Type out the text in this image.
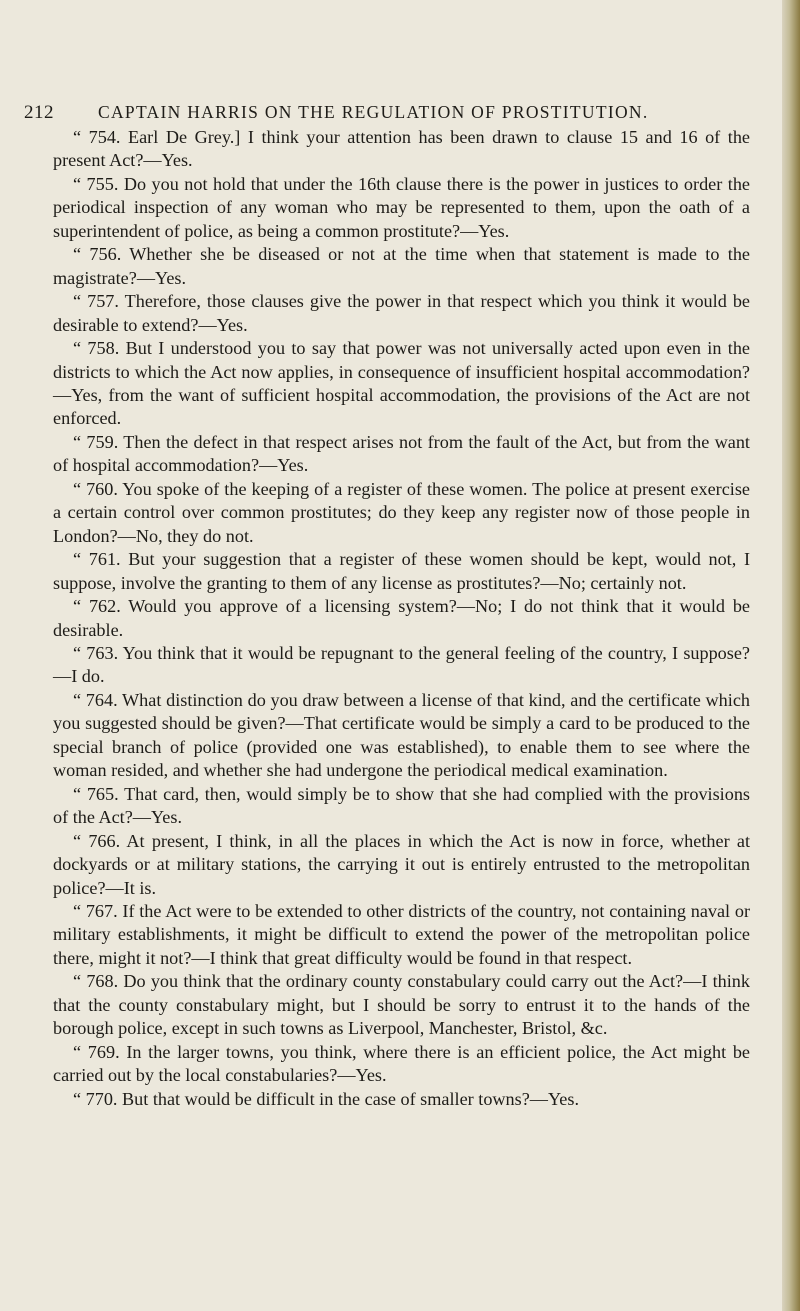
212	CAPTAIN HARRIS ON THE REGULATION OF PROSTITUTION.

“ 754. Earl De Grey.] I think your attention has been drawn to clause 15 and 16 of the present Act?—Yes.

“ 755. Do you not hold that under the 16th clause there is the power in justices to order the periodical inspection of any woman who may be represented to them, upon the oath of a superintendent of police, as being a common prostitute?—Yes.

“ 756. Whether she be diseased or not at the time when that statement is made to the magistrate?—Yes.

“ 757. Therefore, those clauses give the power in that respect which you think it would be desirable to extend?—Yes.

“ 758. But I understood you to say that power was not universally acted upon even in the districts to which the Act now applies, in consequence of insufficient hospital accommodation?—Yes, from the want of sufficient hospital accommodation, the provisions of the Act are not enforced.

“ 759. Then the defect in that respect arises not from the fault of the Act, but from the want of hospital accommodation?—Yes.

“ 760. You spoke of the keeping of a register of these women. The police at present exercise a certain control over common prostitutes; do they keep any register now of those people in London?—No, they do not.

“ 761. But your suggestion that a register of these women should be kept, would not, I suppose, involve the granting to them of any license as prostitutes?—No; certainly not.

“ 762. Would you approve of a licensing system?—No; I do not think that it would be desirable.

“ 763. You think that it would be repugnant to the general feeling of the country, I suppose?—I do.

“ 764. What distinction do you draw between a license of that kind, and the certificate which you suggested should be given?—That certificate would be simply a card to be produced to the special branch of police (provided one was established), to enable them to see where the woman resided, and whether she had undergone the periodical medical examination.

“ 765. That card, then, would simply be to show that she had complied with the provisions of the Act?—Yes.

“ 766. At present, I think, in all the places in which the Act is now in force, whether at dockyards or at military stations, the carrying it out is entirely entrusted to the metropolitan police?—It is.

“ 767. If the Act were to be extended to other districts of the country, not containing naval or military establishments, it might be difficult to extend the power of the metropolitan police there, might it not?—I think that great difficulty would be found in that respect.

“ 768. Do you think that the ordinary county constabulary could carry out the Act?—I think that the county constabulary might, but I should be sorry to entrust it to the hands of the borough police, except in such towns as Liverpool, Manchester, Bristol, &c.

“ 769. In the larger towns, you think, where there is an efficient police, the Act might be carried out by the local constabularies?—Yes.

“ 770. But that would be difficult in the case of smaller towns?—Yes.
